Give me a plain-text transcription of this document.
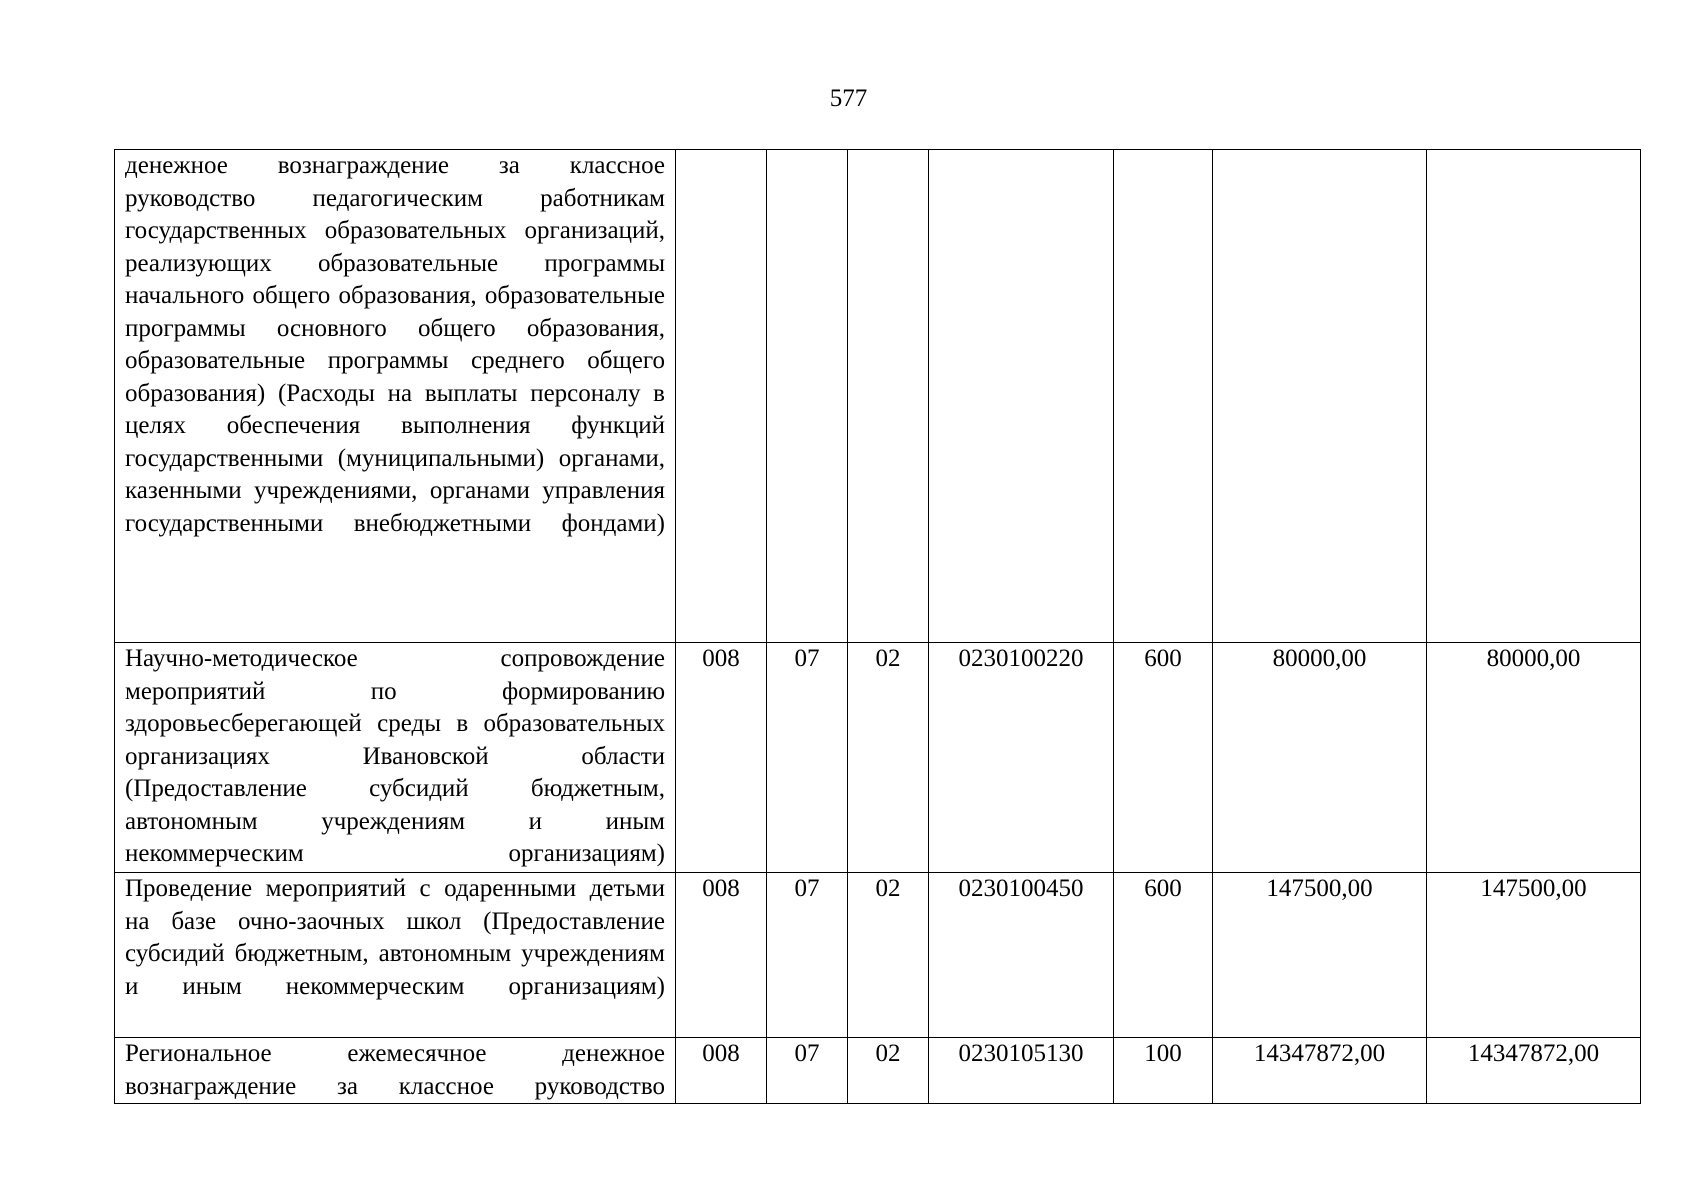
577
денежное вознаграждение за классное руководство педагогическим работникам государственных образовательных организаций, реализующих образовательные программы начального общего образования, образовательные программы основного общего образования, образовательные программы среднего общего образования) (Расходы на выплаты персоналу в целях обеспечения выполнения функций государственными (муниципальными) органами, казенными учреждениями, органами управления государственными внебюджетными фондами)							
Научно-методическое сопровождение мероприятий по формированию здоровьесберегающей среды в образовательных организациях Ивановской области (Предоставление субсидий бюджетным, автономным учреждениям и иным некоммерческим организациям)	008	07	02	0230100220	600	80000,00	80000,00
Проведение мероприятий с одаренными детьми на базе очно-заочных школ (Предоставление субсидий бюджетным, автономным учреждениям и иным некоммерческим организациям)	008	07	02	0230100450	600	147500,00	147500,00
Региональное ежемесячное денежное вознаграждение за классное руководство	008	07	02	0230105130	100	14347872,00	14347872,00
